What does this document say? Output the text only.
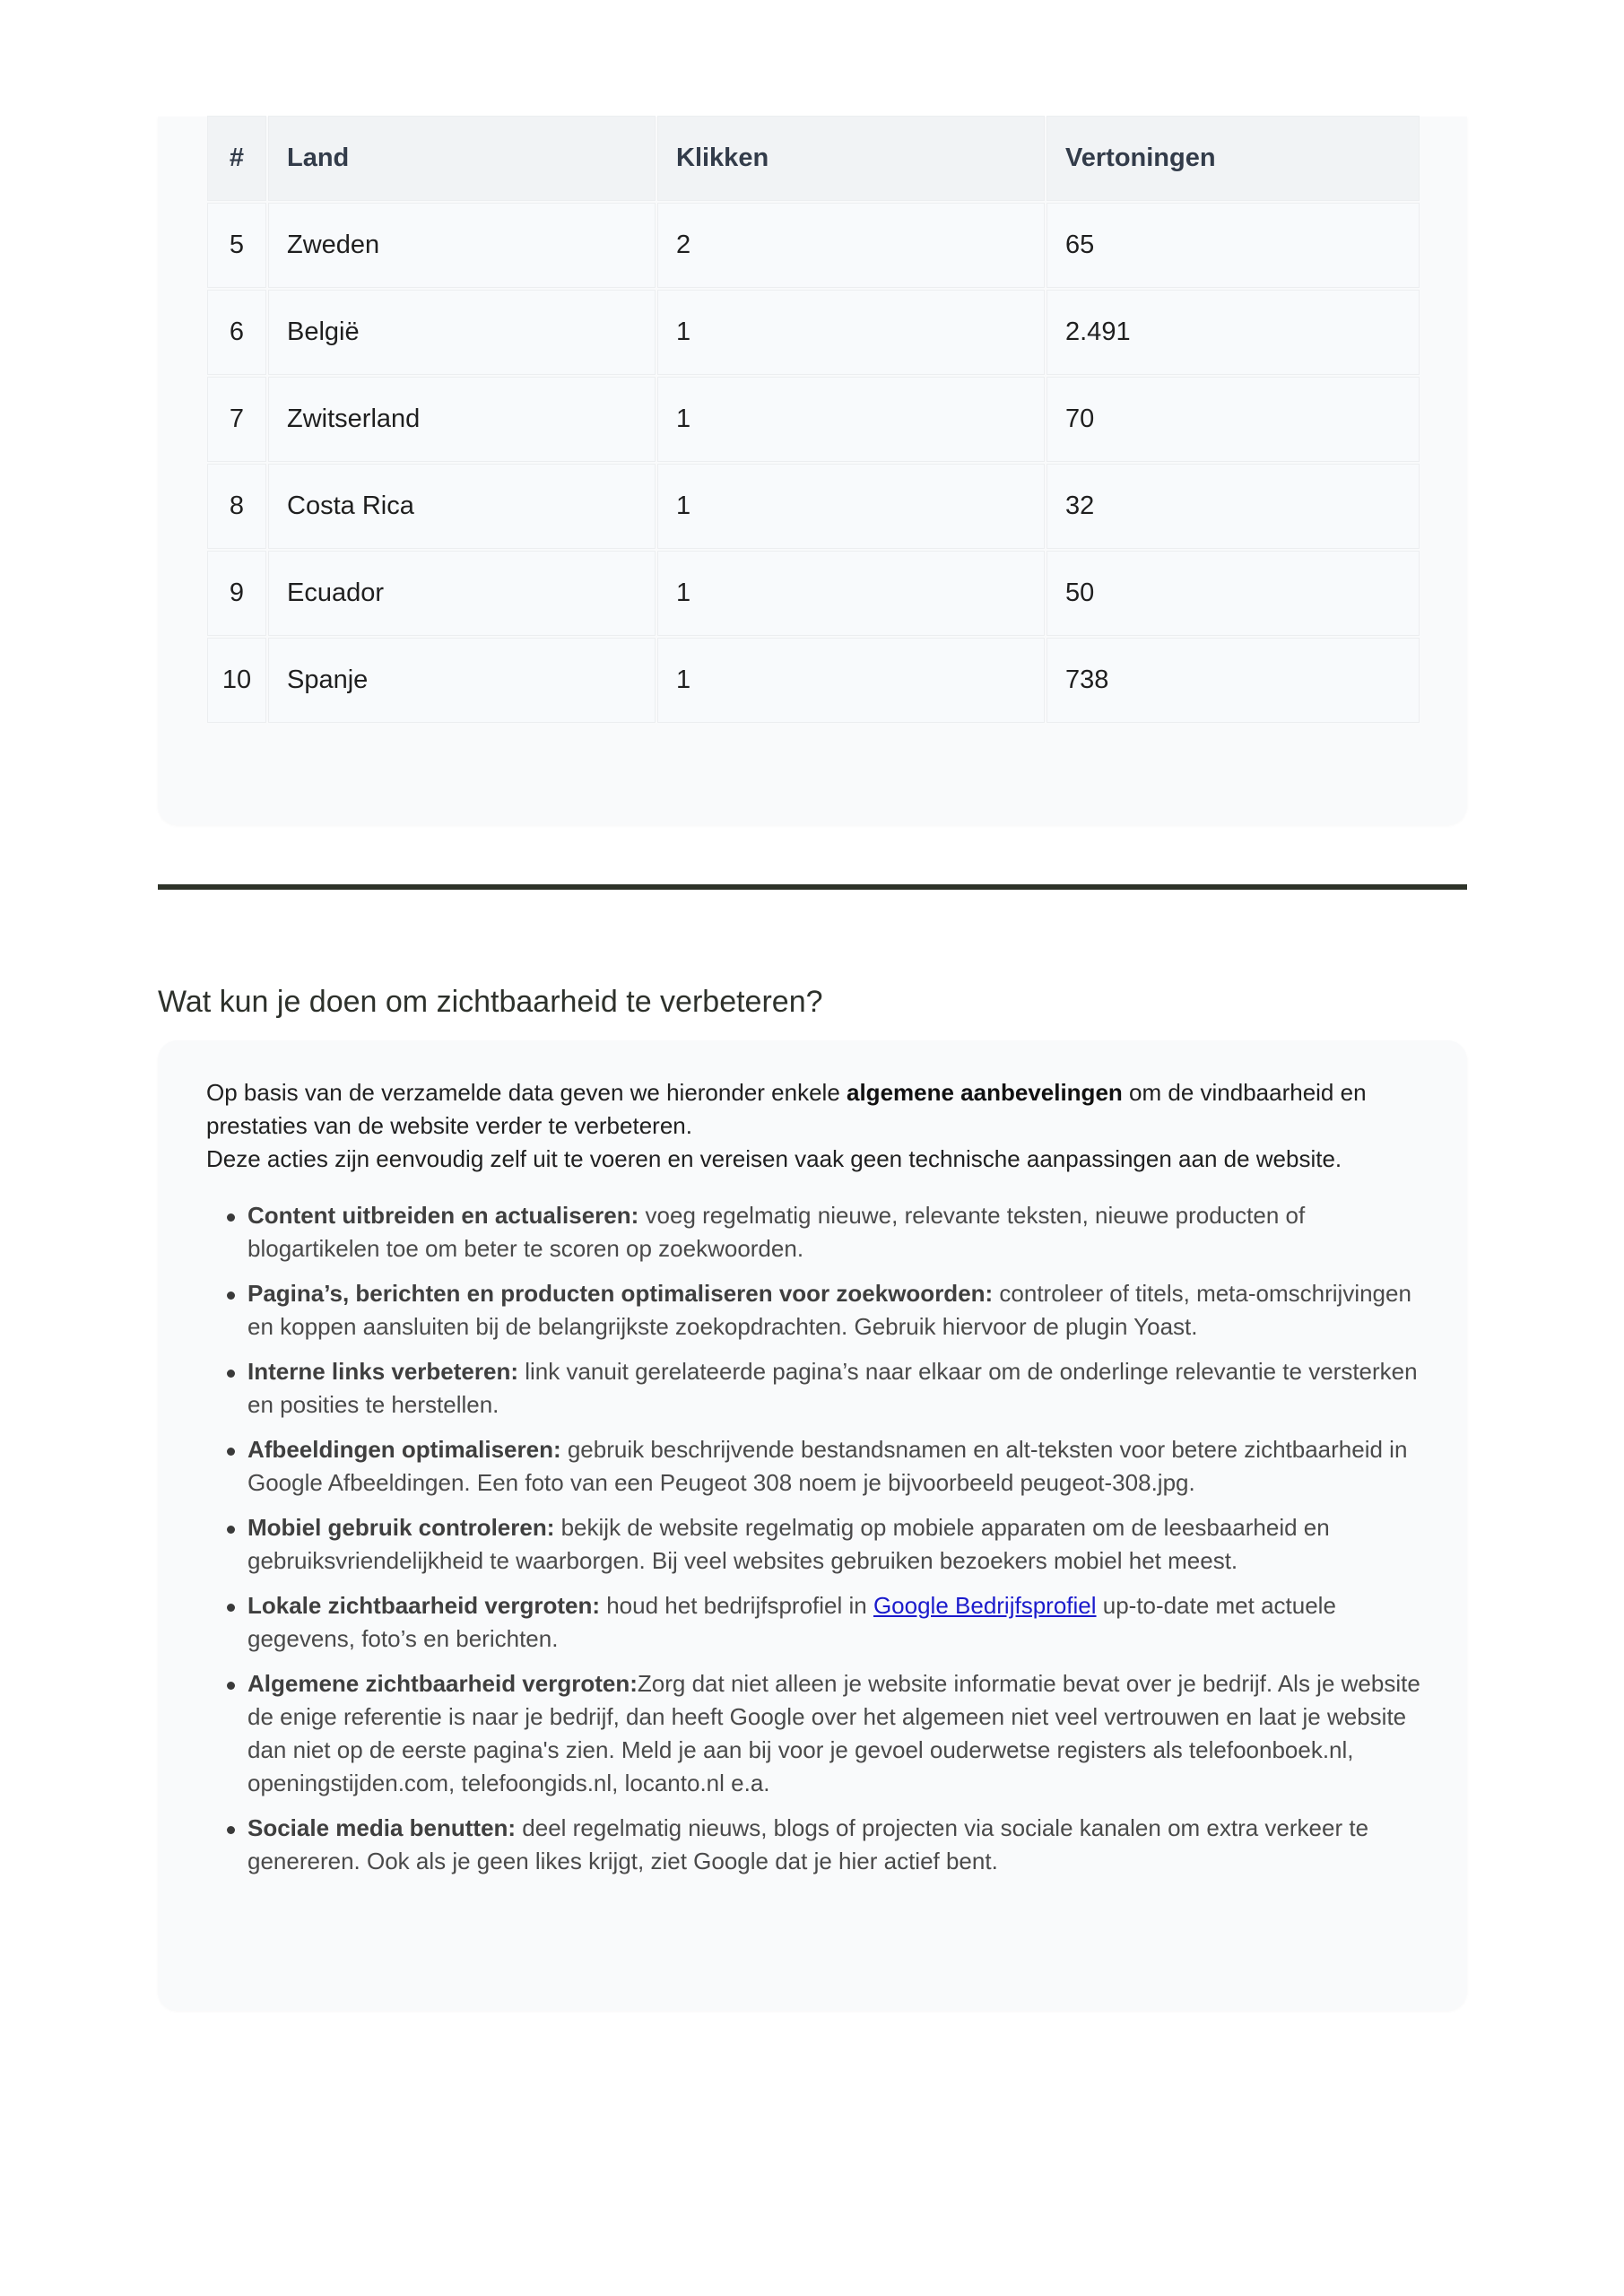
#	Land	Klikken	Vertoningen
5	Zweden	2	65
6	België	1	2.491
7	Zwitserland	1	70
8	Costa Rica	1	32
9	Ecuador	1	50
10	Spanje	1	738
Wat kun je doen om zichtbaarheid te verbeteren?

Op basis van de verzamelde data geven we hieronder enkele algemene aanbevelingen om de vindbaarheid en prestaties van de website verder te verbeteren.
Deze acties zijn eenvoudig zelf uit te voeren en vereisen vaak geen technische aanpassingen aan de website.

Content uitbreiden en actualiseren: voeg regelmatig nieuwe, relevante teksten, nieuwe producten of blogartikelen toe om beter te scoren op zoekwoorden.
Pagina’s, berichten en producten optimaliseren voor zoekwoorden: controleer of titels, meta-omschrijvingen en koppen aansluiten bij de belangrijkste zoekopdrachten. Gebruik hiervoor de plugin Yoast.
Interne links verbeteren: link vanuit gerelateerde pagina’s naar elkaar om de onderlinge relevantie te versterken en posities te herstellen.
Afbeeldingen optimaliseren: gebruik beschrijvende bestandsnamen en alt-teksten voor betere zichtbaarheid in Google Afbeeldingen. Een foto van een Peugeot 308 noem je bijvoorbeeld peugeot-308.jpg.
Mobiel gebruik controleren: bekijk de website regelmatig op mobiele apparaten om de leesbaarheid en gebruiksvriendelijkheid te waarborgen. Bij veel websites gebruiken bezoekers mobiel het meest.
Lokale zichtbaarheid vergroten: houd het bedrijfsprofiel in Google Bedrijfsprofiel up-to-date met actuele gegevens, foto’s en berichten.
Algemene zichtbaarheid vergroten:Zorg dat niet alleen je website informatie bevat over je bedrijf. Als je website de enige referentie is naar je bedrijf, dan heeft Google over het algemeen niet veel vertrouwen en laat je website dan niet op de eerste pagina's zien. Meld je aan bij voor je gevoel ouderwetse registers als telefoonboek.nl, openingstijden.com, telefoongids.nl, locanto.nl e.a.
Sociale media benutten: deel regelmatig nieuws, blogs of projecten via sociale kanalen om extra verkeer te genereren. Ook als je geen likes krijgt, ziet Google dat je hier actief bent.
